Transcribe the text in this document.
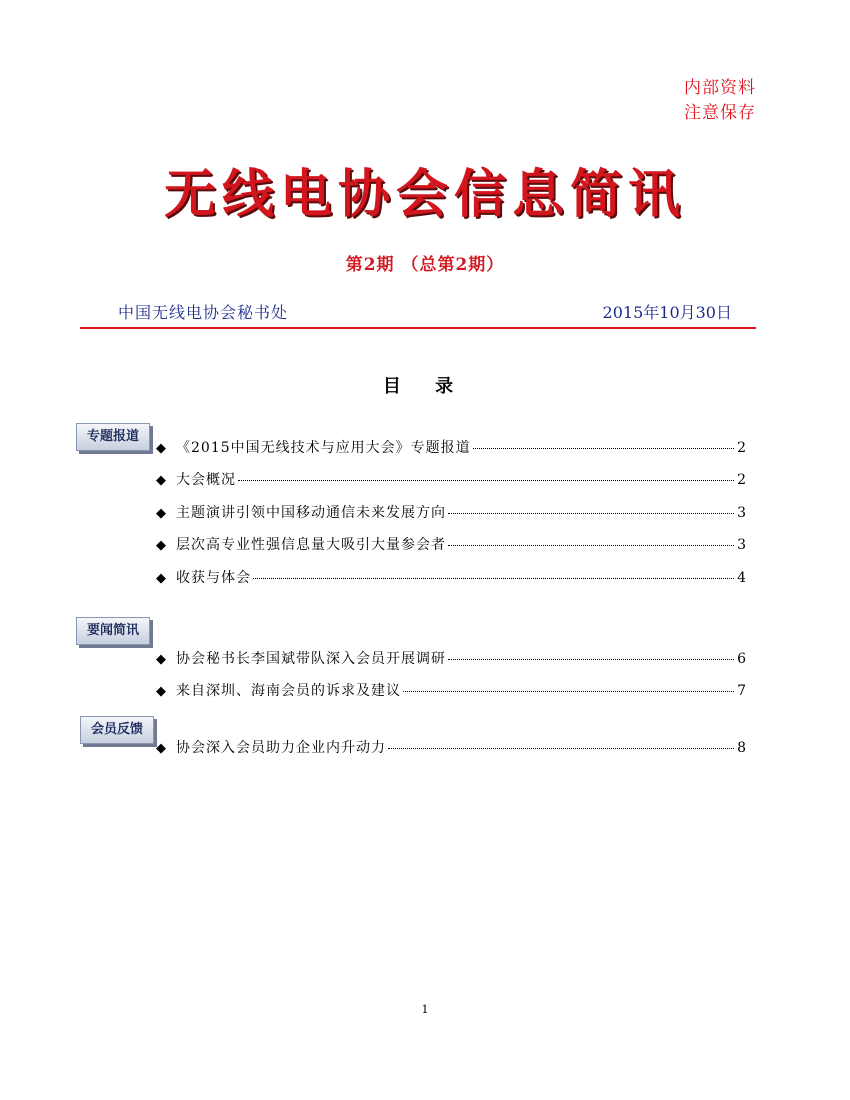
内部资料
注意保存
无线电协会信息简讯
第2期 （总第2期）
中国无线电协会秘书处	2015年10月30日
目 录
专题报道
◆ 《2015中国无线技术与应用大会》专题报道	2
◆ 大会概况	2
◆ 主题演讲引领中国移动通信未来发展方向	3
◆ 层次高专业性强信息量大吸引大量参会者	3
◆ 收获与体会	4
要闻简讯
◆ 协会秘书长李国斌带队深入会员开展调研	6
◆ 来自深圳、海南会员的诉求及建议	7
会员反馈
◆ 协会深入会员助力企业内升动力	8
1
